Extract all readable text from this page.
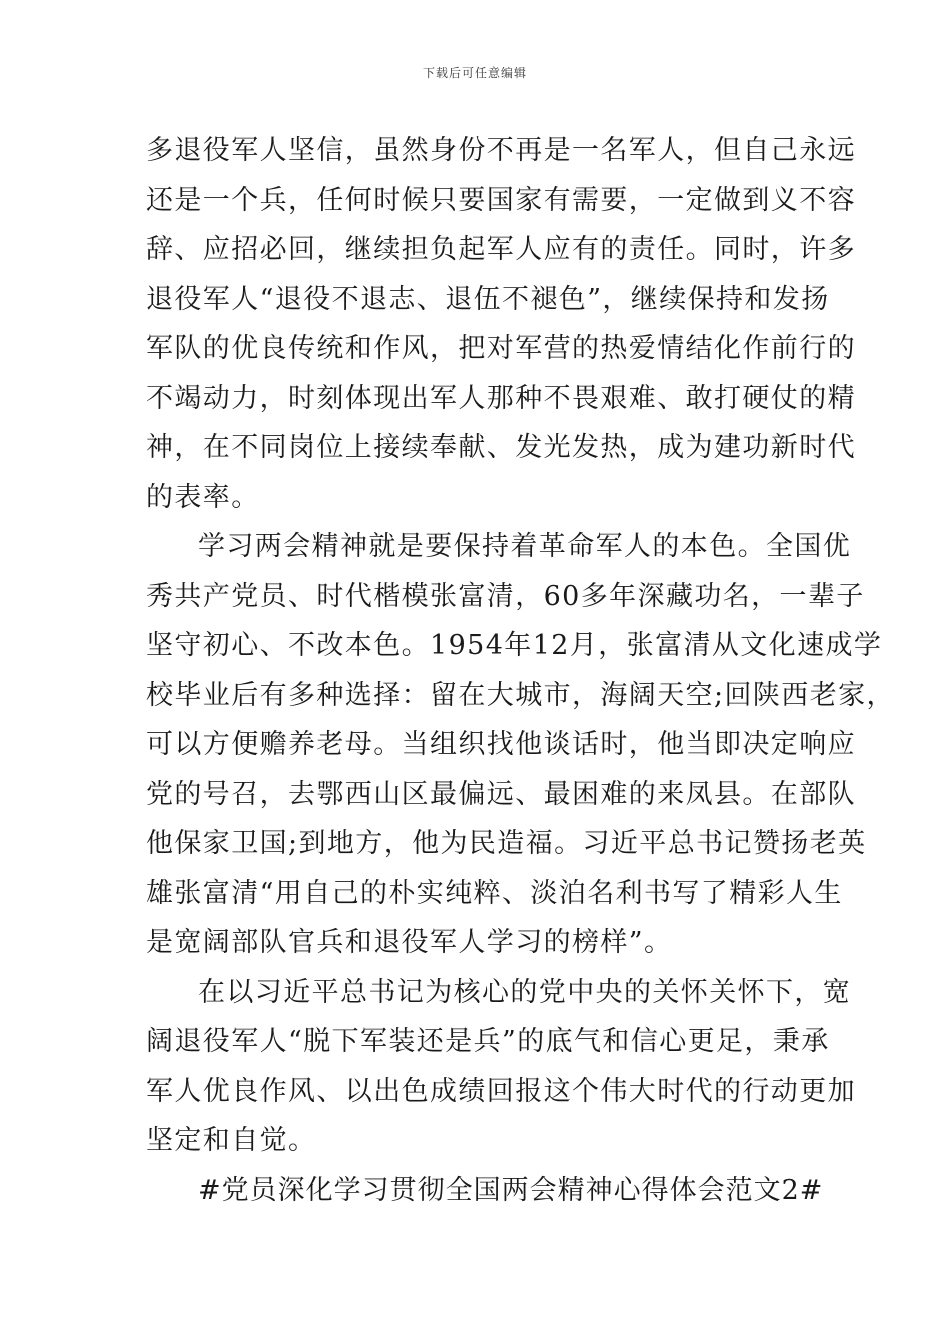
下载后可任意编辑

多退役军人坚信，虽然身份不再是一名军人，但自己永远
还是一个兵，任何时候只要国家有需要，一定做到义不容
辞、应招必回，继续担负起军人应有的责任。同时，许多
退役军人“退役不退志、退伍不褪色”，继续保持和发扬
军队的优良传统和作风，把对军营的热爱情结化作前行的
不竭动力，时刻体现出军人那种不畏艰难、敢打硬仗的精
神，在不同岗位上接续奉献、发光发热，成为建功新时代
的表率。

学习两会精神就是要保持着革命军人的本色。全国优
秀共产党员、时代楷模张富清，60多年深藏功名，一辈子
坚守初心、不改本色。1954年12月，张富清从文化速成学
校毕业后有多种选择：留在大城市，海阔天空;回陕西老家，
可以方便赡养老母。当组织找他谈话时，他当即决定响应
党的号召，去鄂西山区最偏远、最困难的来凤县。在部队
他保家卫国;到地方，他为民造福。习近平总书记赞扬老英
雄张富清“用自己的朴实纯粹、淡泊名利书写了精彩人生
是宽阔部队官兵和退役军人学习的榜样”。

在以习近平总书记为核心的党中央的关怀关怀下，宽
阔退役军人“脱下军装还是兵”的底气和信心更足，秉承
军人优良作风、以出色成绩回报这个伟大时代的行动更加
坚定和自觉。

#党员深化学习贯彻全国两会精神心得体会范文2#
